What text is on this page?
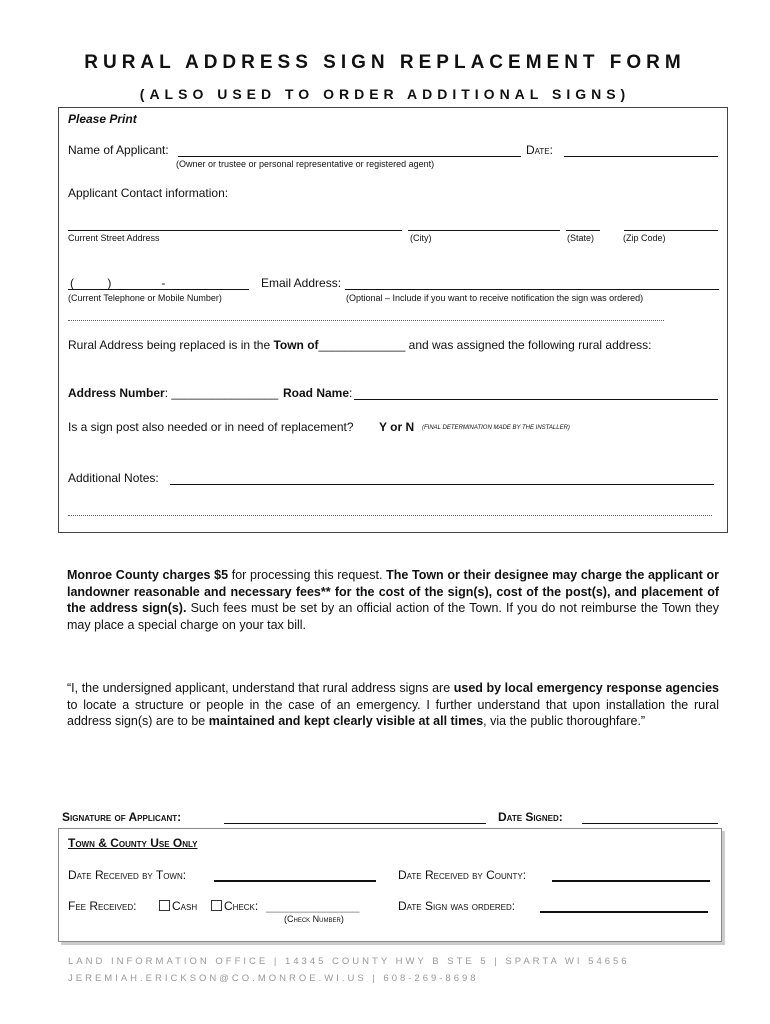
RURAL ADDRESS SIGN REPLACEMENT FORM
(ALSO USED TO ORDER ADDITIONAL SIGNS)
Please Print
Name of Applicant:
(Owner or trustee or personal representative or registered agent)
Date:
Applicant Contact information:
Current Street Address	(City)	(State)	(Zip Code)
(          )               -
(Current Telephone or Mobile Number)
Email Address:
(Optional – Include if you want to receive notification the sign was ordered)
Rural Address being replaced is in the Town of_____________ and was assigned the following rural address:
Address Number: ________________ Road Name:
Is a sign post also needed or in need of replacement? Y or N (FINAL DETERMINATION MADE BY THE INSTALLER)
Additional Notes:
Monroe County charges $5 for processing this request. The Town or their designee may charge the applicant or landowner reasonable and necessary fees** for the cost of the sign(s), cost of the post(s), and placement of the address sign(s). Such fees must be set by an official action of the Town. If you do not reimburse the Town they may place a special charge on your tax bill.
“I, the undersigned applicant, understand that rural address signs are used by local emergency response agencies to locate a structure or people in the case of an emergency. I further understand that upon installation the rural address sign(s) are to be maintained and kept clearly visible at all times, via the public thoroughfare.”
Signature of Applicant:	Date Signed:
Town & County Use Only
Date Received by Town:	Date Received by County:
Fee Received:	Cash	Check: ______________
(Check Number)
Date Sign was ordered:
LAND INFORMATION OFFICE | 14345 COUNTY HWY B STE 5 | SPARTA WI 54656
JEREMIAH.ERICKSON@CO.MONROE.WI.US | 608-269-8698
